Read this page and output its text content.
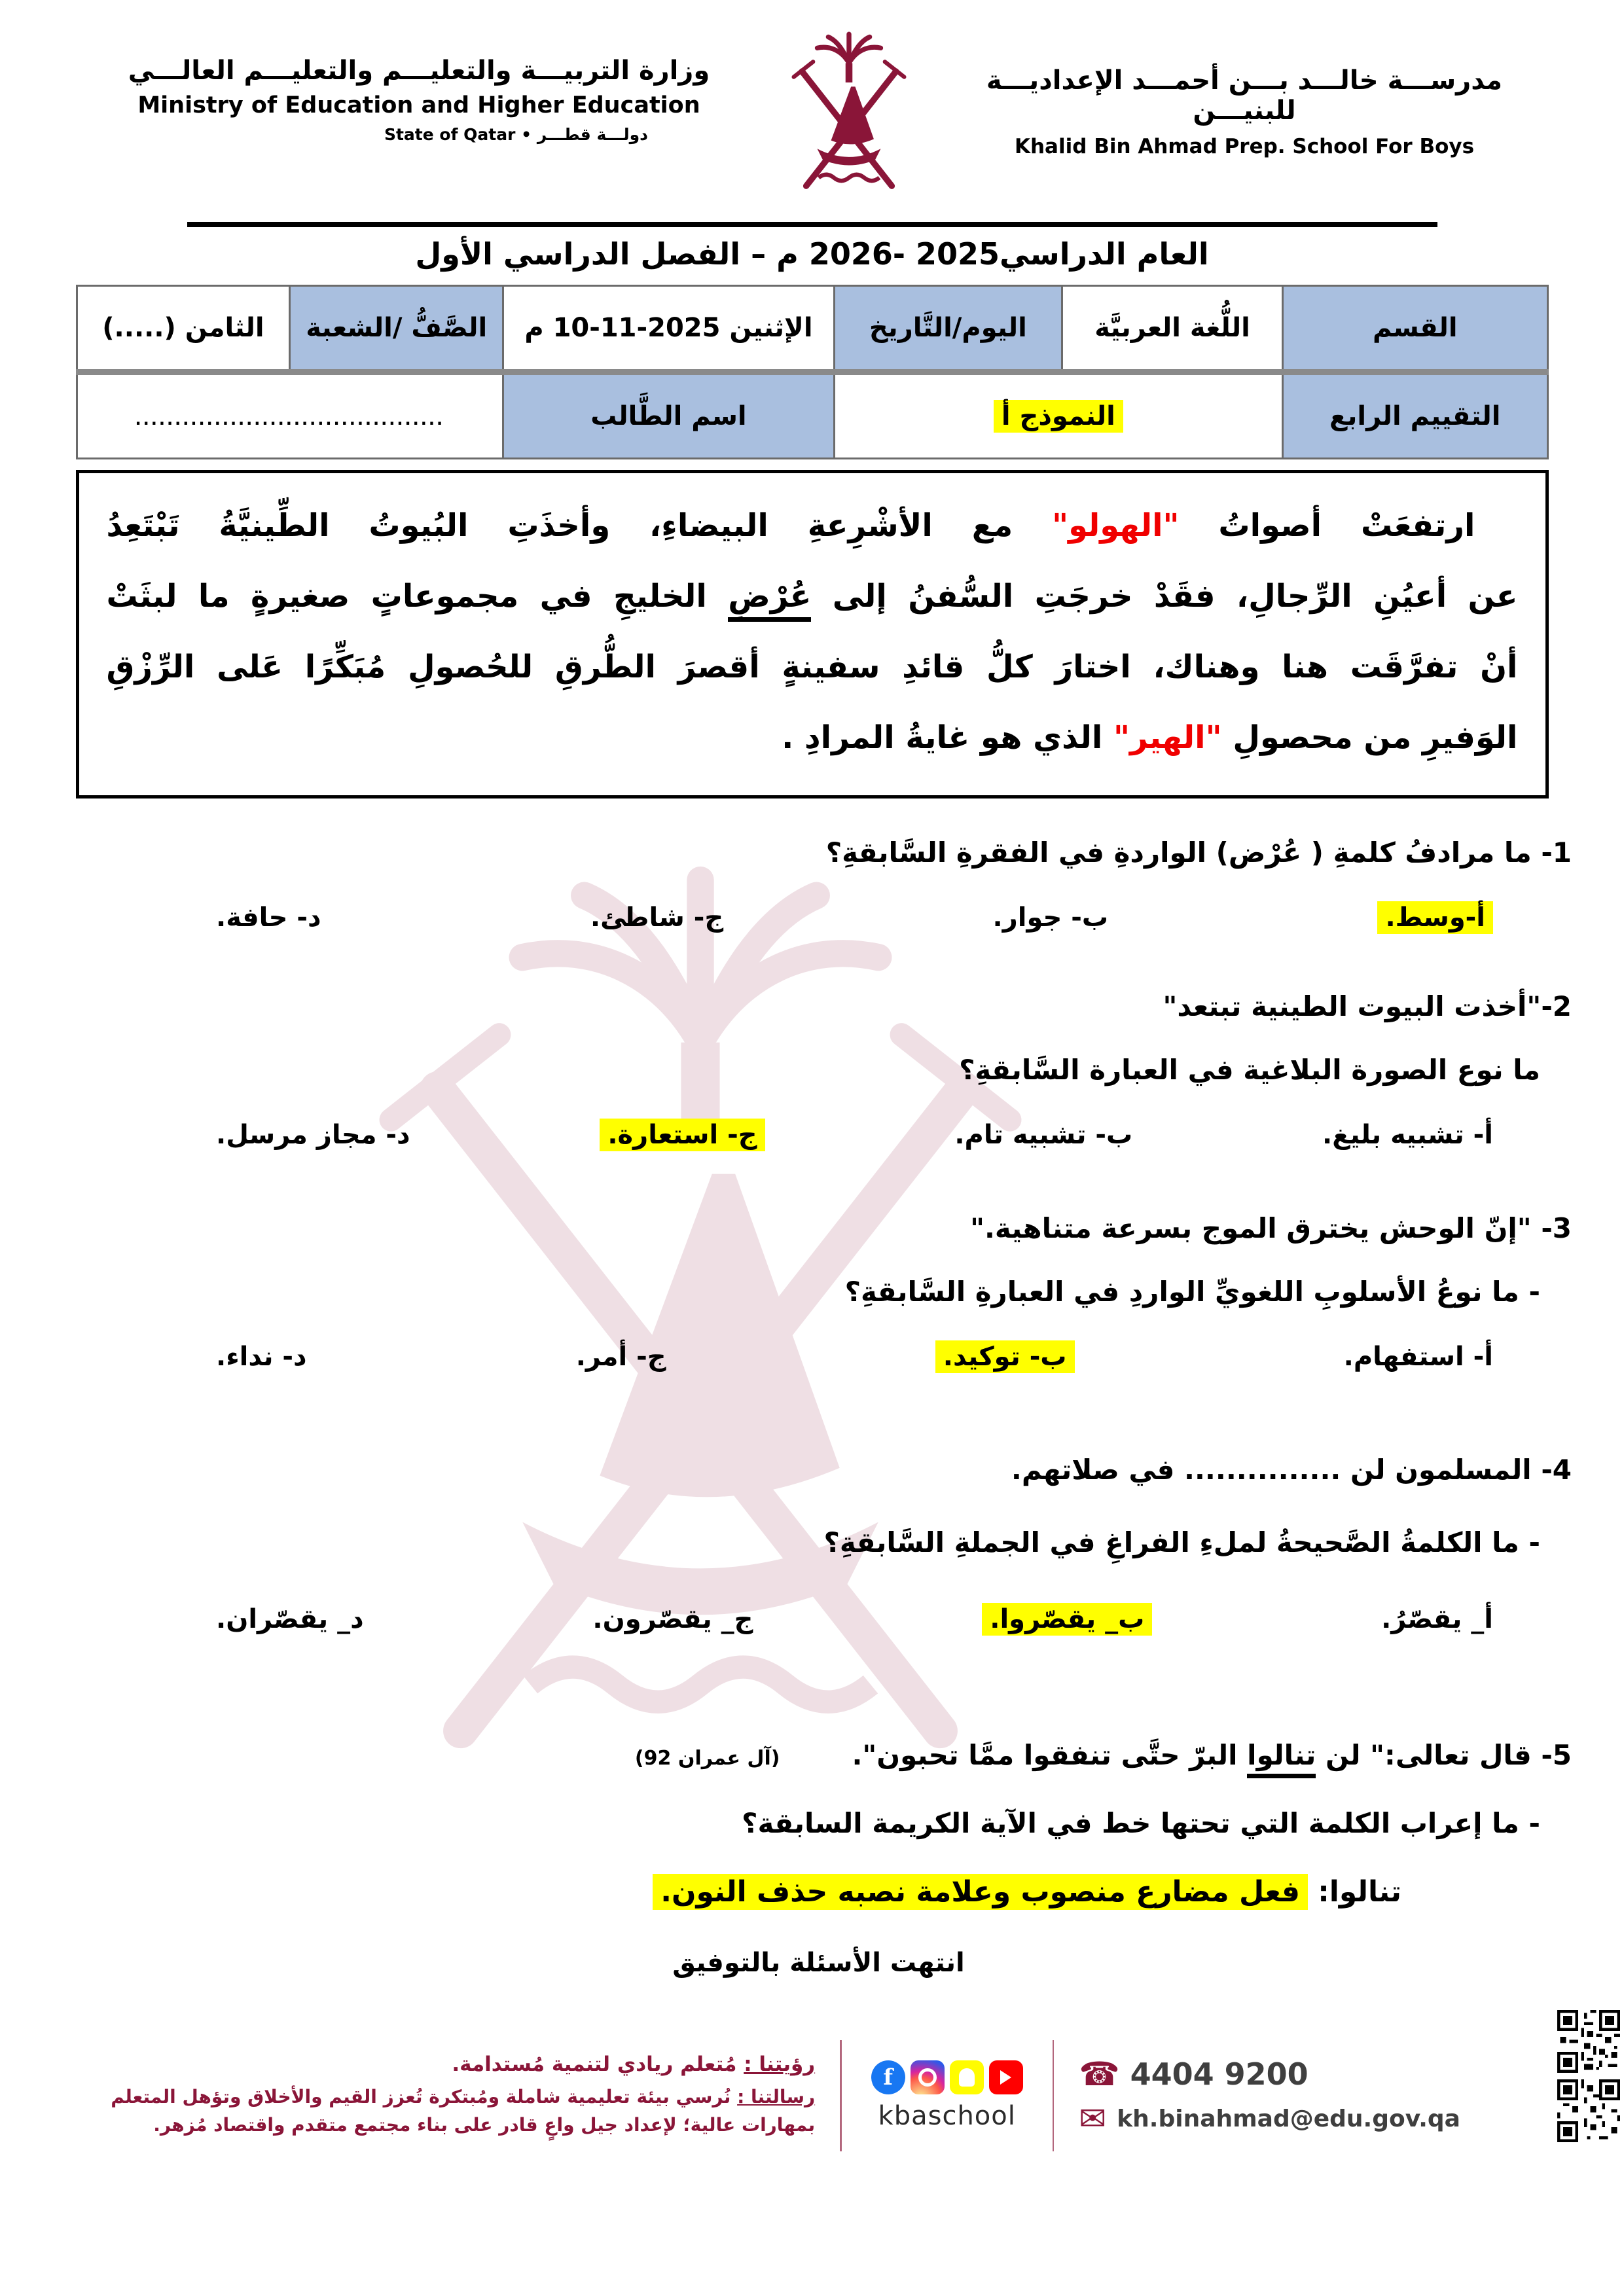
وزارة التربيـــة والتعليـــم والتعليـــم العالـــي
Ministry of Education and Higher Education
State of Qatar • دولـــة قطـــر
مدرســـة خالـــد بـــن أحمـــد الإعداديـــة للبنيـــن
Khalid Bin Ahmad Prep. School For Boys
العام الدراسي2025 -2026 م – الفصل الدراسي الأول
القسم	اللُّغة العربيَّة	اليوم/التَّاريخ	الإثنين 2025-11-10 م	الصَّفُّ /الشعبة	الثامن (.....)
التقييم الرابع	النموذج أ		اسم الطَّالب	.......................................	
ارتفعَتْ أصواتُ "الهولو" مع الأشْرِعةِ البيضاءِ، وأخذَتِ البُيوتُ الطِّينيَّةُ تَبْتَعِدُ
عن أعيُنِ الرِّجالِ، فقَدْ خرجَتِ السُّفنُ إلى عُرْضِ الخليجِ في مجموعاتٍ صغيرةٍ ما لبثَتْ
أنْ تفرَّقَت هنا وهناك، اختارَ كلُّ قائدِ سفينةٍ أقصرَ الطُّرقِ للحُصولِ مُبَكِّرًا عَلى الرِّزْقِ
الوَفيرِ من محصولِ "الهير" الذي هو غايةُ المرادِ .
1- ما مرادفُ كلمةِ ( عُرْض) الواردةِ في الفقرةِ السَّابقةِ؟
أ-وسط.
ب- جوار.
ج- شاطئ.
د- حافة.
2-"أخذت البيوت الطينية تبتعد"
ما نوع الصورة البلاغية في العبارة السَّابقةِ؟
أ- تشبيه بليغ.
ب- تشبيه تام.
ج- استعارة.
د- مجاز مرسل.
3- "إنّ الوحش يخترق الموج بسرعة متناهية."
- ما نوعُ الأسلوبِ اللغويِّ الواردِ في العبارةِ السَّابقةِ؟
أ- استفهام.
ب- توكيد.
ج- أمر.
د- نداء.
4- المسلمون لن ............... في صلاتهم.
- ما الكلمةُ الصَّحيحةُ لملءِ الفراغِ في الجملةِ السَّابقةِ؟
أ_ يقصّرُ.
ب_ يقصّروا.
ج_ يقصّرون.
د_ يقصّران.
5- قال تعالى:" لن تنالوا البرّ حتَّى تنفقوا ممَّا تحبون".
(آل عمران 92)
- ما إعراب الكلمة التي تحتها خط في الآية الكريمة السابقة؟
تنالوا: فعل مضارع منصوب وعلامة نصبه حذف النون.
انتهت الأسئلة بالتوفيق
رؤيتنا : مُتعلم ريادي لتنمية مُستدامة.
رسالتنا : نُرسي بيئة تعليمية شاملة ومُبتكرة تُعزز القيم والأخلاق وتؤهل المتعلم بمهارات عالية؛ لإعداد جيل واعٍ قادر على بناء مجتمع متقدم واقتصاد مُزهر.
f
kbaschool
☎ 4404 9200
✉ kh.binahmad@edu.gov.qa
